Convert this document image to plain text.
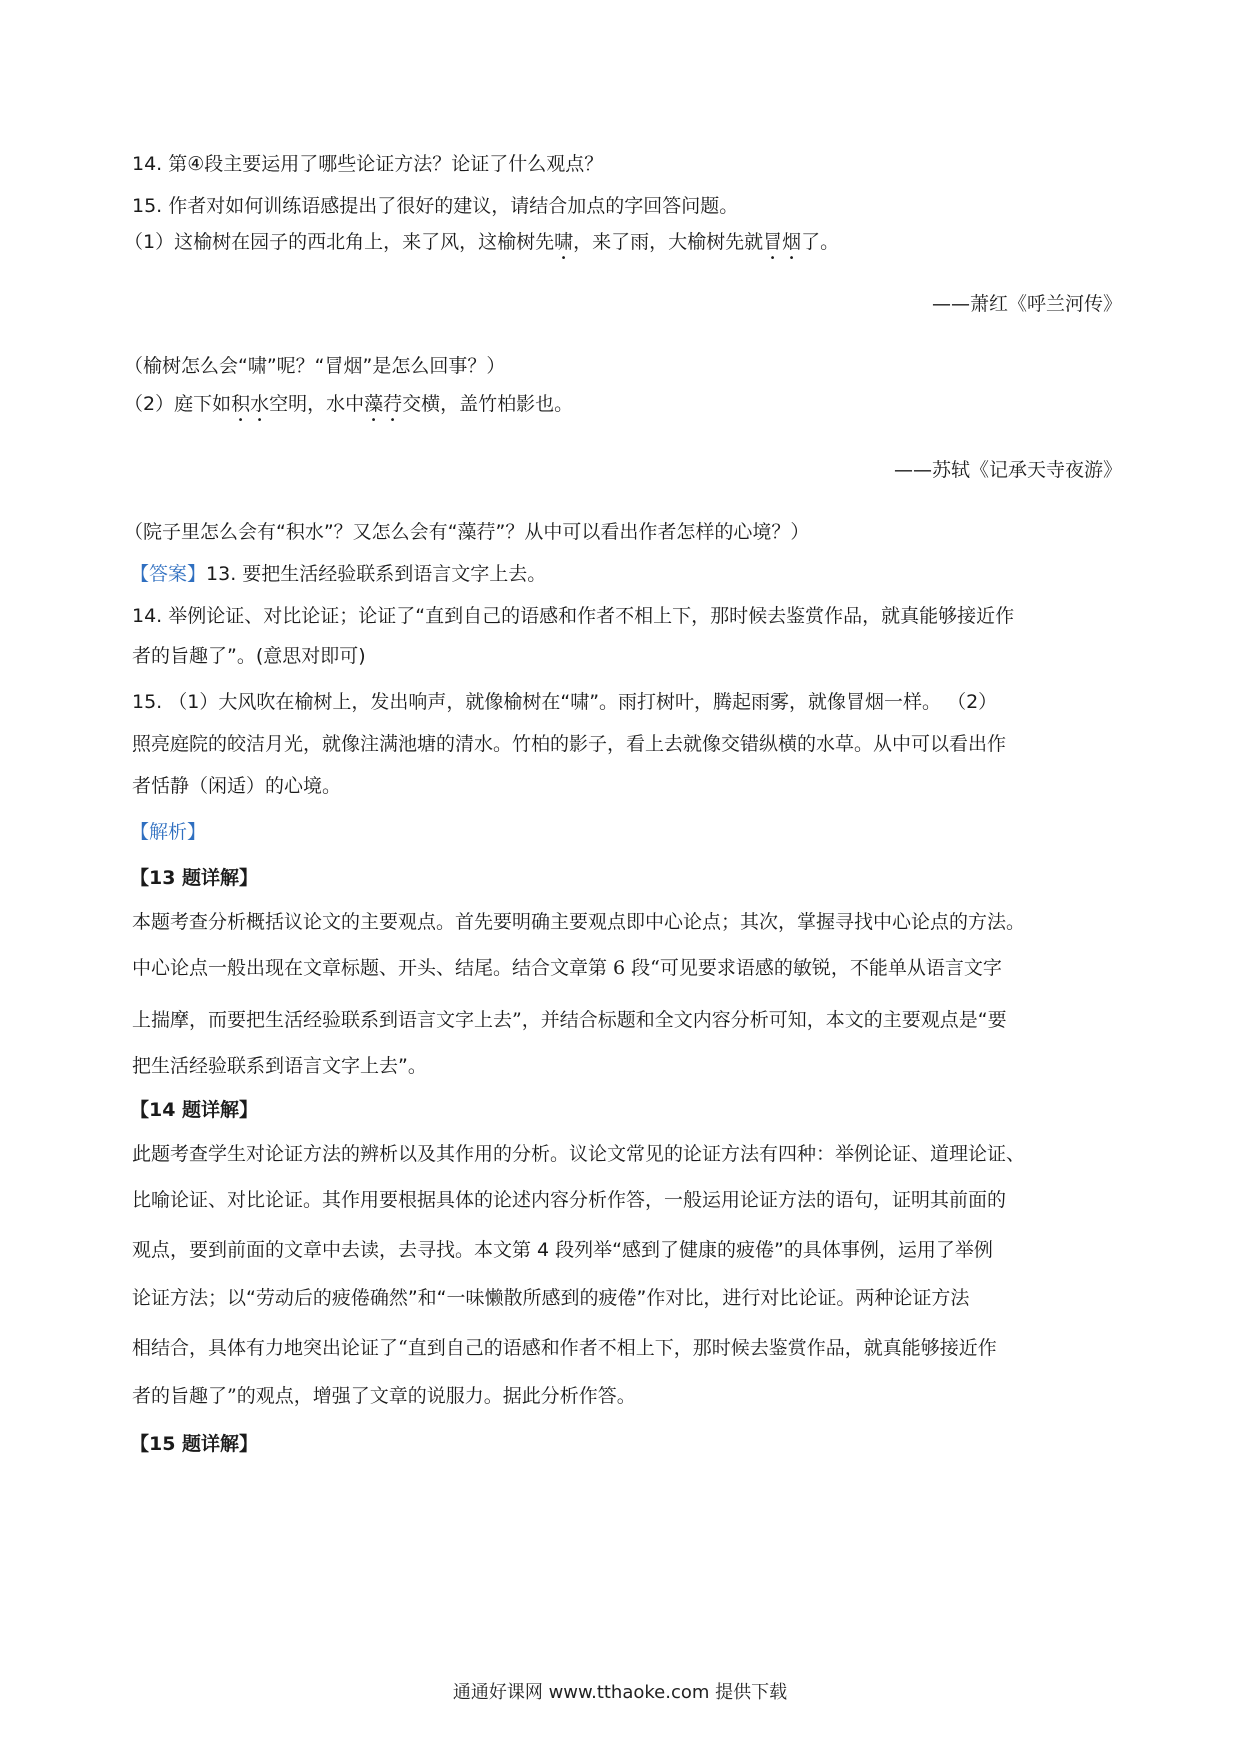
14. 第④段主要运用了哪些论证方法？论证了什么观点？
15. 作者对如何训练语感提出了很好的建议，请结合加点的字回答问题。
（1）这榆树在园子的西北角上，来了风，这榆树先啸，来了雨，大榆树先就冒烟了。
——萧红《呼兰河传》
（榆树怎么会“啸”呢？“冒烟”是怎么回事？）
（2）庭下如积水空明，水中藻荇交横，盖竹柏影也。
——苏轼《记承天寺夜游》
（院子里怎么会有“积水”？又怎么会有“藻荇”？从中可以看出作者怎样的心境？）
【答案】13. 要把生活经验联系到语言文字上去。
14. 举例论证、对比论证；论证了“直到自己的语感和作者不相上下，那时候去鉴赏作品，就真能够接近作
者的旨趣了”。(意思对即可)
15. （1）大风吹在榆树上，发出响声，就像榆树在“啸”。雨打树叶，腾起雨雾，就像冒烟一样。 （2）
照亮庭院的皎洁月光，就像注满池塘的清水。竹柏的影子，看上去就像交错纵横的水草。从中可以看出作
者恬静（闲适）的心境。
【解析】
【13 题详解】
本题考查分析概括议论文的主要观点。首先要明确主要观点即中心论点；其次，掌握寻找中心论点的方法。
中心论点一般出现在文章标题、开头、结尾。结合文章第 6 段“可见要求语感的敏锐，不能单从语言文字
上揣摩，而要把生活经验联系到语言文字上去”，并结合标题和全文内容分析可知，本文的主要观点是“要
把生活经验联系到语言文字上去”。
【14 题详解】
此题考查学生对论证方法的辨析以及其作用的分析。议论文常见的论证方法有四种：举例论证、道理论证、
比喻论证、对比论证。其作用要根据具体的论述内容分析作答，一般运用论证方法的语句，证明其前面的
观点，要到前面的文章中去读，去寻找。本文第 4 段列举“感到了健康的疲倦”的具体事例，运用了举例
论证方法；以“劳动后的疲倦确然”和“一味懒散所感到的疲倦”作对比，进行对比论证。两种论证方法
相结合，具体有力地突出论证了“直到自己的语感和作者不相上下，那时候去鉴赏作品，就真能够接近作
者的旨趣了”的观点，增强了文章的说服力。据此分析作答。
【15 题详解】
通通好课网 www.tthaoke.com 提供下载
